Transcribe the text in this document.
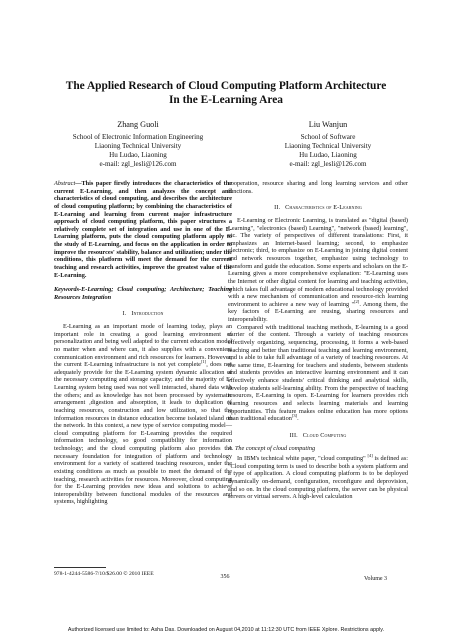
The Applied Research of Cloud Computing Platform Architecture
In the E-Learning Area
Zhang Guoli
School of Electronic Information Engineering
Liaoning Technical University
Hu Ludao, Liaoning
e-mail: zgl_lesli@126.com
Liu Wanjun
School of Software
Liaoning Technical University
Hu Ludao, Liaoning
e-mail: zgl_lesli@126.com

Abstract—This paper firstly introduces the characteristics of the current E-Learning, and then analyzes the concept and characteristics of cloud computing, and describes the architecture of cloud computing platform; by combining the characteristics of E-Learning and learning from current major infrastructure approach of cloud computing platform, this paper structures a relatively complete set of integration and use in one of the E-Learning platform, puts the cloud computing platform apply to the study of E-Learning, and focus on the application in order to improve the resources' stability, balance and utilization; under the conditions, this platform will meet the demand for the current teaching and research activities, improve the greatest value of the E-Learning.

Keywords-E-Learning; Cloud computing; Architecture; Teaching Resources Integration

I. Introduction

E-Learning as an important mode of learning today, plays an important role in creating a good learning environment of personalization and being well adapted to the current education model no matter when and where can, it also supplies with a convenient communication environment and rich resources for learners. However, the current E-Learning infrastructure is not yet complete[1], does not adequately provide for the E-Learning system dynamic allocation of the necessary computing and storage capacity; and the majority of E-Learning system being used was not well interacted, shared data with the others; and as knowledge has not been processed by systematic arrangement ,digestion and absorption, it leads to duplication of teaching resources, construction and low utilization, so that the information resources in distance education become isolated island on the network. In this context, a new type of service computing model—cloud computing platform for E-Learning provides the required information technology, so good compatibility for information technology; and the cloud computing platform also provides the necessary foundation for integration of platform and technology environment for a variety of scattered teaching resources, under the existing conditions as much as possible to meet the demand of the teaching, research activities for resources. Moreover, cloud computing for the E-Learning provides new ideas and solutions to achieve interoperability between functional modules of the resources and systems, highlighting

cooperation, resource sharing and long learning services and other functions.

II. Characteristics of E-Learning

E-Learning or Electronic Learning, is translated as "digital (based) Learning", "electronics (based) Learning", "network (based) learning", etc. The variety of perspectives of different translations: First, it emphasizes an Internet-based learning; second, to emphasize electronic; third, to emphasize on E-Learning in joining digital content and network resources together, emphasize using technology to transform and guide the education. Some experts and scholars on the E-Learning gives a more comprehensive explanation: "E-Learning uses the Internet or other digital content for learning and teaching activities, which takes full advantage of modern educational technology provided with a new mechanism of communication and resource-rich learning environment to achieve a new way of learning "[2]. Among them, the key factors of E-Learning are reusing, sharing resources and interoperability.

Compared with traditional teaching methods, E-learning is a good carrier of the content. Through a variety of teaching resources effectively organizing, sequencing, processing, it forms a web-based teaching and better than traditional teaching and learning environment, and is able to take full advantage of a variety of teaching resources. At the same time, E-learning for teachers and students, between students and students provides an interactive learning environment and it can effectively enhance students' critical thinking and analytical skills, develop students self-learning ability. From the perspective of teaching resources, E-Learning is open. E-Learning for learners provides rich learning resources and selects learning materials and learning opportunities. This feature makes online education has more options than traditional education[3].

III. Cloud Computing

A. The concept of cloud computing

In IBM's technical white paper, "cloud computing" [4] is defined as: "Cloud computing term is used to describe both a system platform and a type of application. A cloud computing platform is to be deployed dynamically on-demand, configuration, reconfigure and deprovision, and so on. In the cloud computing platform, the server can be physical servers or virtual servers. A high-level calculation

978-1-4244-5586-7/10/$26.00 © 2010 IEEE	356	Volume 3
Authorized licensed use limited to: Asha Das. Downloaded on August 04,2010 at 11:12:30 UTC from IEEE Xplore. Restrictions apply.
